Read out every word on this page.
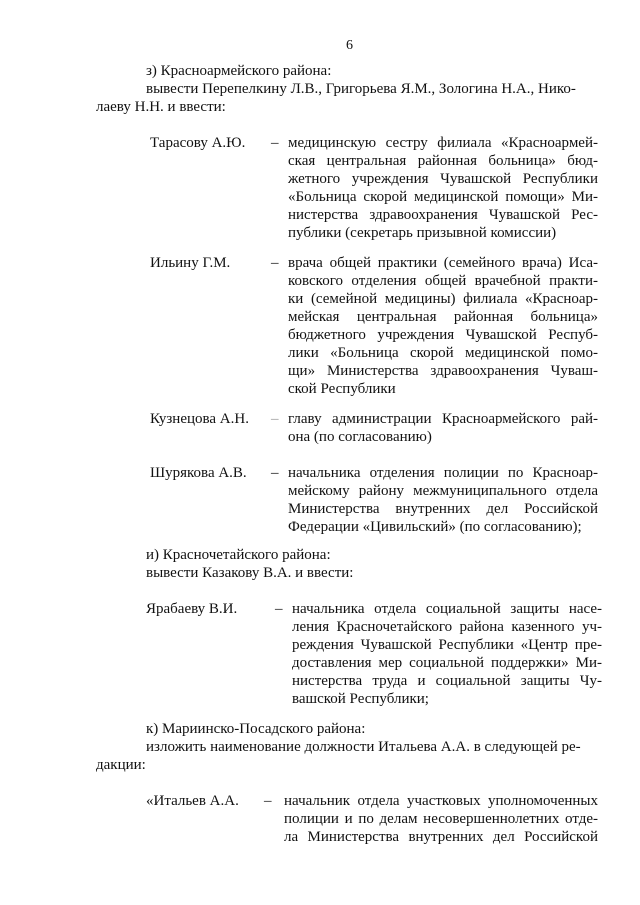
6
з) Красноармейского района:
вывести Перепелкину Л.В., Григорьева Я.М., Зологина Н.А., Нико-
лаеву Н.Н. и ввести:
Тарасову А.Ю. – медицинскую сестру филиала «Красноармей-
ская центральная районная больница» бюд-
жетного учреждения Чувашской Республики
«Больница скорой медицинской помощи» Ми-
нистерства здравоохранения Чувашской Рес-
публики (секретарь призывной комиссии)
Ильину Г.М.	– врача общей практики (семейного врача) Иса-
ковского отделения общей врачебной практи-
ки (семейной медицины) филиала «Красноар-
мейская центральная районная больница»
бюджетного учреждения Чувашской Респуб-
лики «Больница скорой медицинской помо-
щи» Министерства здравоохранения Чуваш-
ской Республики
Кузнецова А.Н. – главу администрации Красноармейского рай-
она (по согласованию)
Шурякова А.В. – начальника отделения полиции по Красноар-
мейскому району межмуниципального отдела
Министерства внутренних дел Российской
Федерации «Цивильский» (по согласованию);
и) Красночетайского района:
вывести Казакову В.А. и ввести:
Ярабаеву В.И.	– начальника отдела социальной защиты насе-
ления Красночетайского района казенного уч-
реждения Чувашской Республики «Центр пре-
доставления мер социальной поддержки» Ми-
нистерства труда и социальной защиты Чу-
вашской Республики;
к) Мариинско-Посадского района:
изложить наименование должности Итальева А.А. в следующей ре-
дакции:
«Итальев А.А. – начальник отдела участковых уполномоченных
полиции и по делам несовершеннолетних отде-
ла Министерства внутренних дел Российской
